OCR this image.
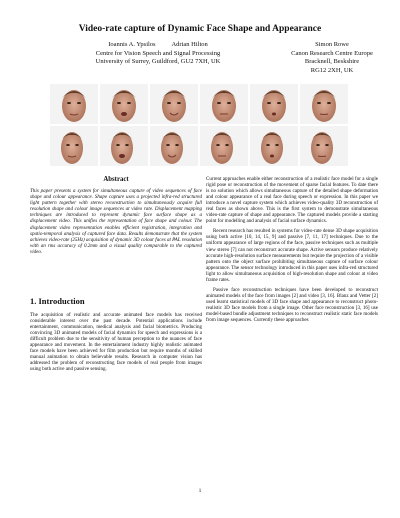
Video-rate capture of Dynamic Face Shape and Appearance
Ioannis A. Ypsilos          Adrian Hilton
Centre for Vision Speech and Signal Processing
University of Surrey, Guildford, GU2 7XH, UK
Simon Rowe
Canon Research Centre Europe
Bracknell, Beskshire
RG12 2XH, UK
Abstract
This paper presents a system for simultaneous capture of video sequences of face shape and colour appearance. Shape capture uses a projected infra-red structured light pattern together with stereo reconstruction to simultaneously acquire full resolution shape and colour image sequences at video rate. Displacement mapping techniques are introduced to represent dynamic face surface shape as a displacement video. This unifies the representation of face shape and colour. The displacement video representation enables efficient registration, integration and spatio-temporal analysis of captured face data. Results demonstrate that the system achieves video-rate (25Hz) acquisition of dynamic 3D colour faces at PAL resolution with an rms accuracy of 0.2mm and a visual quality comparable to the captured video.
1. Introduction

The acquisition of realistic and accurate animated face models has received considerable interest over the past decade. Potential applications include entertainment, communication, medical analysis and facial biometrics. Producing convincing 3D animated models of facial dynamics for speech and expressions is a difficult problem due to the sensitivity of human perception to the nuances of face appearance and movement. In the entertainment industry highly realistic animated face models have been achieved for film production but require months of skilled manual animation to obtain believable results. Research in computer vision has addressed the problem of reconstructing face models of real people from images using both active and passive sensing.

Current approaches enable either reconstruction of a realistic face model for a single rigid pose or reconstruction of the movement of sparse facial features. To date there is no solution which allows simultaneous capture of the detailed shape deformation and colour appearance of a real face during speech or expression. In this paper we introduce a novel capture system which achieves video-quality 3D reconstruction of real faces as shown above. This is the first system to demonstrate simultaneous video-rate capture of shape and appearance. The captured models provide a starting point for modelling and analysis of facial surface dynamics.

Recent research has resulted in systems for video-rate dense 3D shape acquisition using both active [10, 14, 15, 9] and passive [7, 11, 17] techniques. Due to the uniform appearance of large regions of the face, passive techniques such as multiple view stereo [7] can not reconstruct accurate shape. Active sensors produce relatively accurate high-resolution surface measurements but require the projection of a visible pattern onto the object surface prohibiting simultaneous capture of surface colour appearance. The sensor technology introduced in this paper uses infra-red structured light to allow simultaneous acquisition of high-resolution shape and colour at video frame rates.

Passive face reconstruction techniques have been developed to reconstruct animated models of the face from images [2] and video [3, 16]. Blanz and Vetter [2] used learnt statistical models of 3D face shape and appearance to reconstruct photo-realistic 3D face models from a single image. Other face reconstruction [3, 16] use model-based bundle adjustment techniques to reconstruct realistic static face models from image sequences. Currently these approaches

1
